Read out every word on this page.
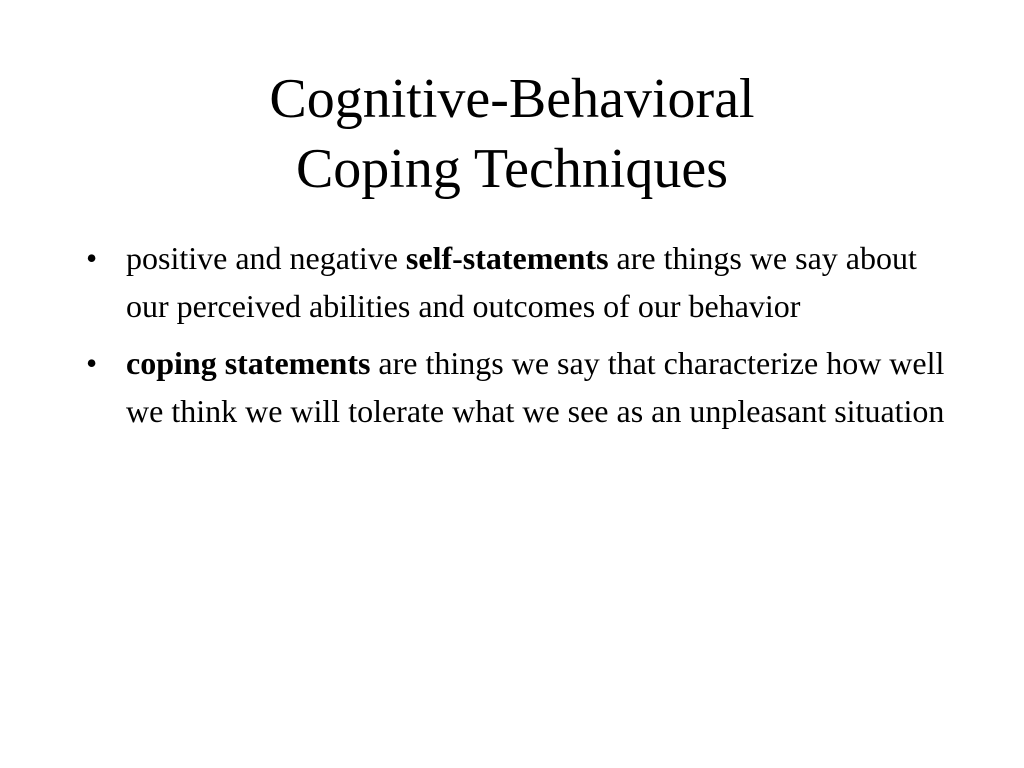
Cognitive-Behavioral
Coping Techniques
• positive and negative self-statements are things we say about our perceived abilities and outcomes of our behavior
• coping statements are things we say that characterize how well we think we will tolerate what we see as an unpleasant situation
